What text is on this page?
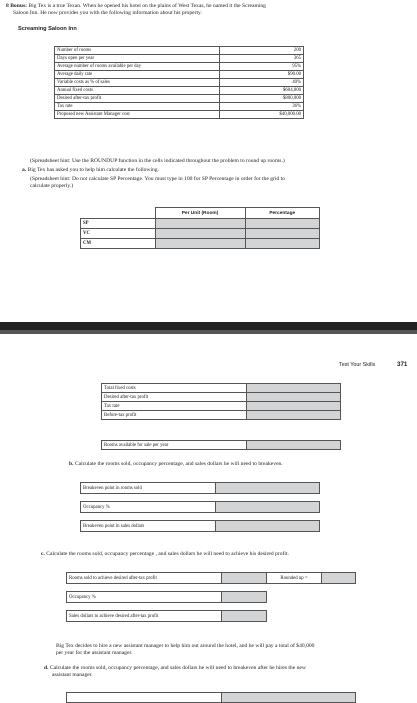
8 Bonus: Big Tex is a true Texan. When he opened his hotel on the plains of West Texas, he named it the Screaming
Saloon Inn. He now provides you with the following information about his property.
Screaming Saloon Inn
Number of rooms	200
Days open per year	365
Average number of rooms available per day	95%
Average daily rate	$90.00
Variable costs as % of sales	40%
Annual fixed costs	$604,800
Desired after-tax profit	$800,000
Tax rate	36%
Proposed new Assistant Manager cost	$40,000.00
(Spreadsheet hint: Use the ROUNDUP function in the cells indicated throughout the problem to round up rooms.)
a. Big Tex has asked you to help him calculate the following.
(Spreadsheet hint: Do not calculate SP Percentage. You must type in 100 for SP Percentage in order for the grid to
calculate properly.)
	Per Unit (Room)	Percentage
SP		
VC		
CM		
Test Your Skills	371
Total fixed costs	
Desired after-tax profit	
Tax rate	
Before-tax profit	
Rooms available for sale per year	
b. Calculate the rooms sold, occupancy percentage, and sales dollars he will need to breakeven.
Breakeven point in rooms sold	

Occupancy %	

Breakeven point in sales dollars	
c. Calculate the rooms sold, occupancy percentage , and sales dollars he will need to achieve his desired profit.
Rooms sold to achieve desired after-tax profit		Rounded up =	

Occupancy %			

Sales dollars to achieve desired after-tax profit			
Big Tex decides to hire a new assistant manager to help him out around the hotel, and he will pay a total of $40,000
per year for the assistant manager.
d. Calculate the rooms sold, occupancy percentage, and sales dollars he will need to breakeven after he hires the new
assistant manager.
